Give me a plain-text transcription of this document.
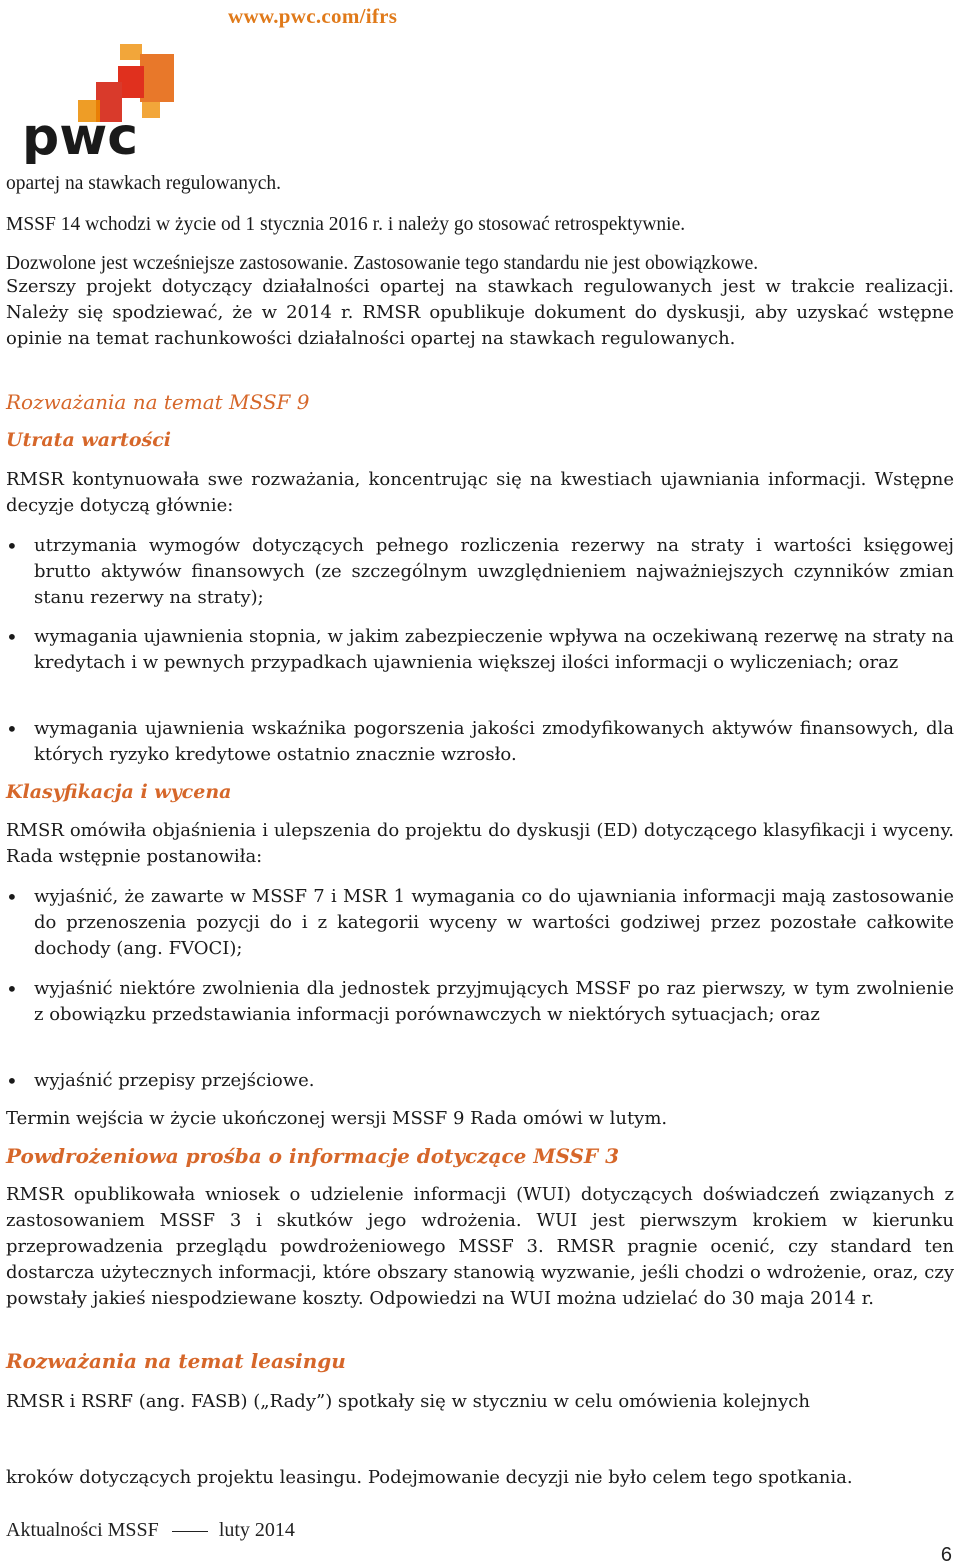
www.pwc.com/ifrs
pwc

opartej na stawkach regulowanych.

MSSF 14 wchodzi w życie od 1 stycznia 2016 r. i należy go stosować retrospektywnie.

Dozwolone jest wcześniejsze zastosowanie. Zastosowanie tego standardu nie jest obowiązkowe.

Szerszy projekt dotyczący działalności opartej na stawkach regulowanych jest w trakcie realizacji. Należy się spodziewać, że w 2014 r. RMSR opublikuje dokument do dyskusji, aby uzyskać wstępne opinie na temat rachunkowości działalności opartej na stawkach regulowanych.

Rozważania na temat MSSF 9
Utrata wartości

RMSR kontynuowała swe rozważania, koncentrując się na kwestiach ujawniania informacji. Wstępne decyzje dotyczą głównie:

• utrzymania wymogów dotyczących pełnego rozliczenia rezerwy na straty i wartości księgowej brutto aktywów finansowych (ze szczególnym uwzględnieniem najważniejszych czynników zmian stanu rezerwy na straty);

• wymagania ujawnienia stopnia, w jakim zabezpieczenie wpływa na oczekiwaną rezerwę na straty na kredytach i w pewnych przypadkach ujawnienia większej ilości informacji o wyliczeniach; oraz

• wymagania ujawnienia wskaźnika pogorszenia jakości zmodyfikowanych aktywów finansowych, dla których ryzyko kredytowe ostatnio znacznie wzrosło.

Klasyfikacja i wycena

RMSR omówiła objaśnienia i ulepszenia do projektu do dyskusji (ED) dotyczącego klasyfikacji i wyceny. Rada wstępnie postanowiła:

• wyjaśnić, że zawarte w MSSF 7 i MSR 1 wymagania co do ujawniania informacji mają zastosowanie do przenoszenia pozycji do i z kategorii wyceny w wartości godziwej przez pozostałe całkowite dochody (ang. FVOCI);

• wyjaśnić niektóre zwolnienia dla jednostek przyjmujących MSSF po raz pierwszy, w tym zwolnienie z obowiązku przedstawiania informacji porównawczych w niektórych sytuacjach; oraz

• wyjaśnić przepisy przejściowe.

Termin wejścia w życie ukończonej wersji MSSF 9 Rada omówi w lutym.

Powdrożeniowa prośba o informacje dotyczące MSSF 3

RMSR opublikowała wniosek o udzielenie informacji (WUI) dotyczących doświadczeń związanych z zastosowaniem MSSF 3 i skutków jego wdrożenia. WUI jest pierwszym krokiem w kierunku przeprowadzenia przeglądu powdrożeniowego MSSF 3. RMSR pragnie ocenić, czy standard ten dostarcza użytecznych informacji, które obszary stanowią wyzwanie, jeśli chodzi o wdrożenie, oraz, czy powstały jakieś niespodziewane koszty. Odpowiedzi na WUI można udzielać do 30 maja 2014 r.

Rozważania na temat leasingu

RMSR i RSRF (ang. FASB) („Rady”) spotkały się w styczniu w celu omówienia kolejnych

kroków dotyczących projektu leasingu. Podejmowanie decyzji nie było celem tego spotkania.

Aktualności MSSF	luty 2014
6
